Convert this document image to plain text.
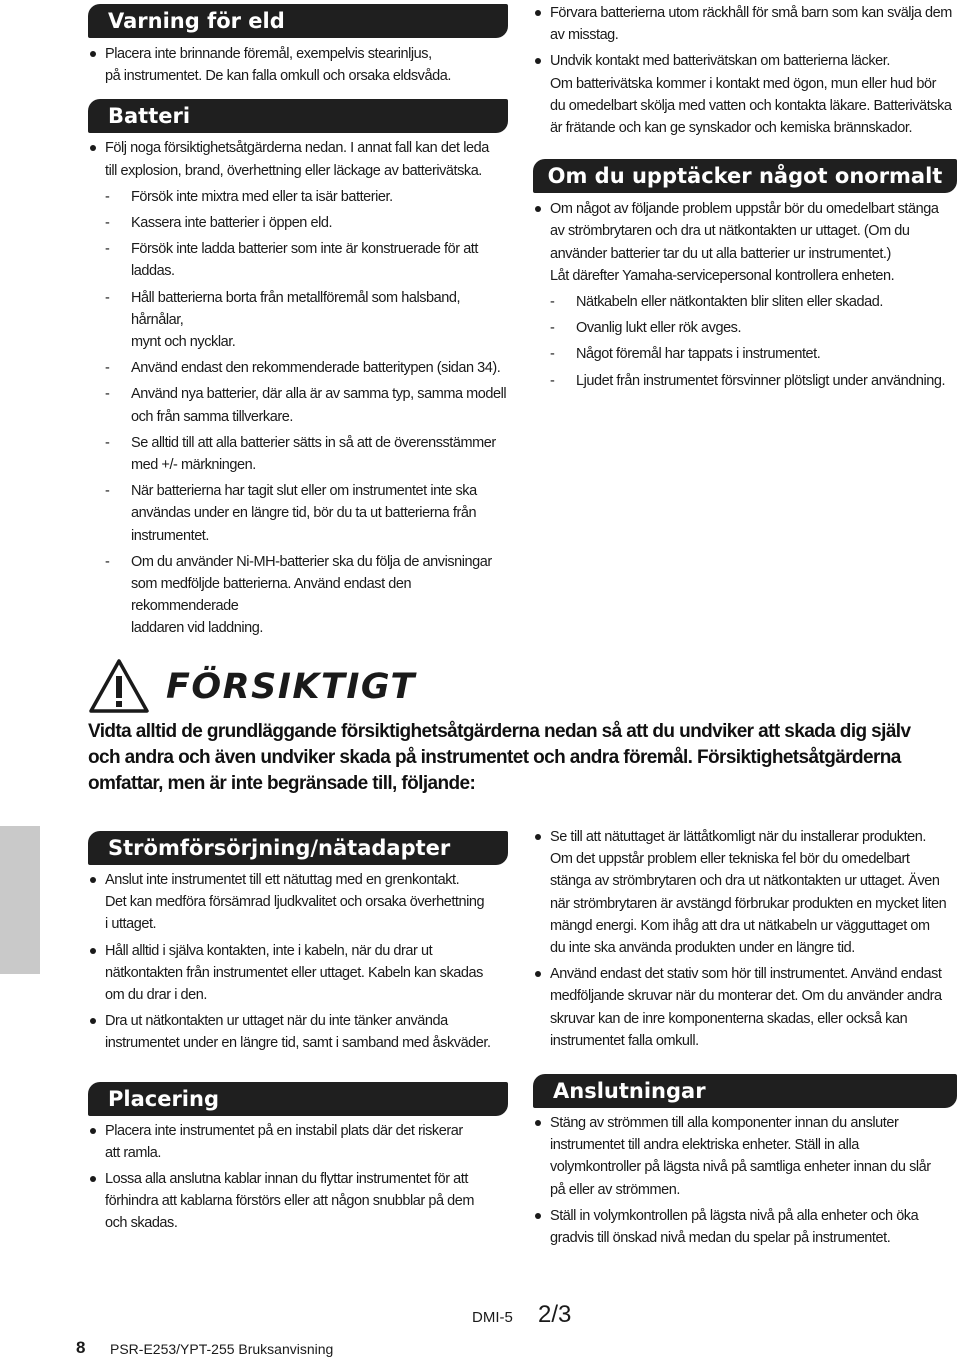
Varning för eld
Placera inte brinnande föremål, exempelvis stearinljus,
på instrumentet. De kan falla omkull och orsaka eldsvåda.
Batteri
Följ noga försiktighetsåtgärderna nedan. I annat fall kan det leda
till explosion, brand, överhettning eller läckage av batterivätska.
- Försök inte mixtra med eller ta isär batterier.
- Kassera inte batterier i öppen eld.
- Försök inte ladda batterier som inte är konstruerade för att
laddas.
- Håll batterierna borta från metallföremål som halsband, hårnålar,
mynt och nycklar.
- Använd endast den rekommenderade batteritypen (sidan 34).
- Använd nya batterier, där alla är av samma typ, samma modell
och från samma tillverkare.
- Se alltid till att alla batterier sätts in så att de överensstämmer
med +/- märkningen.
- När batterierna har tagit slut eller om instrumentet inte ska
användas under en längre tid, bör du ta ut batterierna från
instrumentet.
- Om du använder Ni-MH-batterier ska du följa de anvisningar
som medföljde batterierna. Använd endast den rekommenderade
laddaren vid laddning.
Förvara batterierna utom räckhåll för små barn som kan svälja dem
av misstag.
Undvik kontakt med batterivätskan om batterierna läcker.
Om batterivätska kommer i kontakt med ögon, mun eller hud bör
du omedelbart skölja med vatten och kontakta läkare. Batterivätska
är frätande och kan ge synskador och kemiska brännskador.
Om du upptäcker något onormalt
Om något av följande problem uppstår bör du omedelbart stänga
av strömbrytaren och dra ut nätkontakten ur uttaget. (Om du
använder batterier tar du ut alla batterier ur instrumentet.)
Låt därefter Yamaha-servicepersonal kontrollera enheten.
- Nätkabeln eller nätkontakten blir sliten eller skadad.
- Ovanlig lukt eller rök avges.
- Något föremål har tappats i instrumentet.
- Ljudet från instrumentet försvinner plötsligt under användning.
FÖRSIKTIGT
Vidta alltid de grundläggande försiktighetsåtgärderna nedan så att du undviker att skada dig själv
och andra och även undviker skada på instrumentet och andra föremål. Försiktighetsåtgärderna
omfattar, men är inte begränsade till, följande:
Strömförsörjning/nätadapter
Anslut inte instrumentet till ett nätuttag med en grenkontakt.
Det kan medföra försämrad ljudkvalitet och orsaka överhettning
i uttaget.
Håll alltid i själva kontakten, inte i kabeln, när du drar ut
nätkontakten från instrumentet eller uttaget. Kabeln kan skadas
om du drar i den.
Dra ut nätkontakten ur uttaget när du inte tänker använda
instrumentet under en längre tid, samt i samband med åskväder.
Placering
Placera inte instrumentet på en instabil plats där det riskerar
att ramla.
Lossa alla anslutna kablar innan du flyttar instrumentet för att
förhindra att kablarna förstörs eller att någon snubblar på dem
och skadas.
Se till att nätuttaget är lättåtkomligt när du installerar produkten.
Om det uppstår problem eller tekniska fel bör du omedelbart
stänga av strömbrytaren och dra ut nätkontakten ur uttaget. Även
när strömbrytaren är avstängd förbrukar produkten en mycket liten
mängd energi. Kom ihåg att dra ut nätkabeln ur vägguttaget om
du inte ska använda produkten under en längre tid.
Använd endast det stativ som hör till instrumentet. Använd endast
medföljande skruvar när du monterar det. Om du använder andra
skruvar kan de inre komponenterna skadas, eller också kan
instrumentet falla omkull.
Anslutningar
Stäng av strömmen till alla komponenter innan du ansluter
instrumentet till andra elektriska enheter. Ställ in alla
volymkontroller på lägsta nivå på samtliga enheter innan du slår
på eller av strömmen.
Ställ in volymkontrollen på lägsta nivå på alla enheter och öka
gradvis till önskad nivå medan du spelar på instrumentet.
DMI-5 2/3
8 PSR-E253/YPT-255 Bruksanvisning
